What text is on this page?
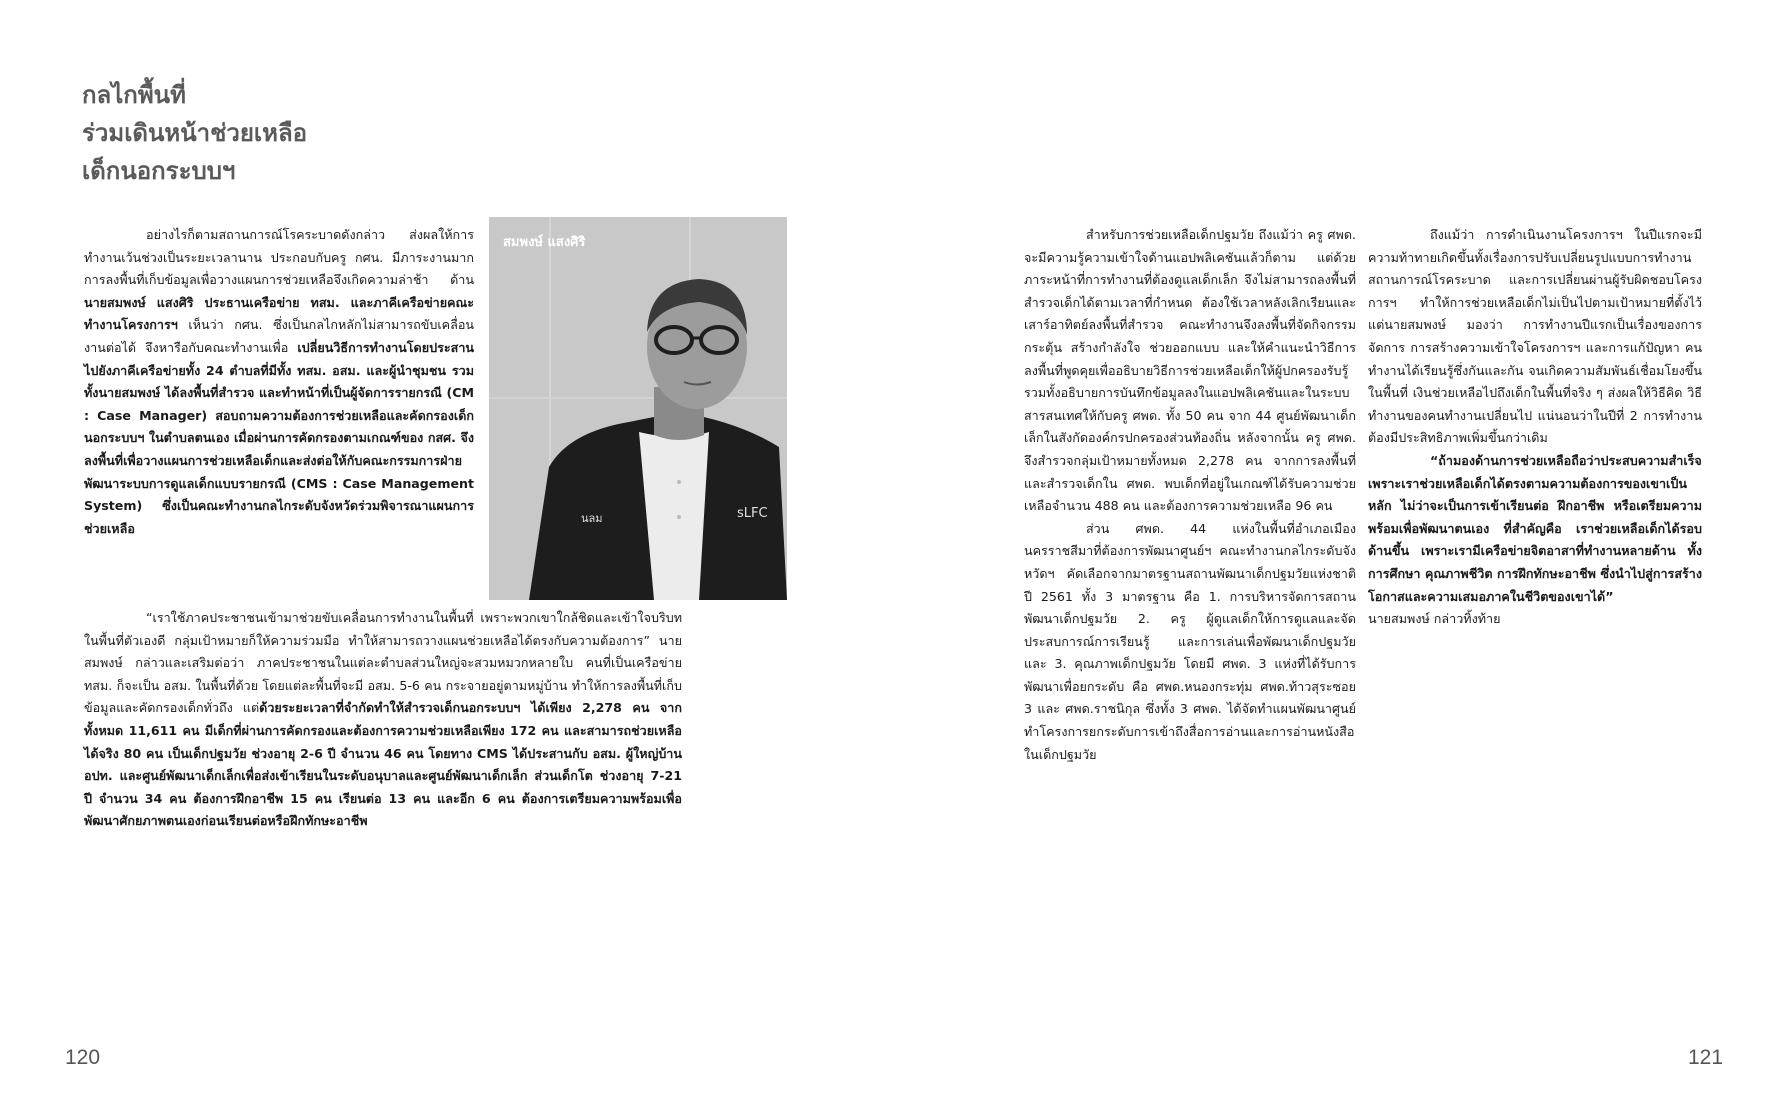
กลไกพื้นที่
ร่วมเดินหน้าช่วยเหลือ
เด็กนอกระบบฯ

อย่างไรก็ตามสถานการณ์โรคระบาดดังกล่าว ส่งผลให้การทำงานเว้นช่วงเป็นระยะเวลานาน ประกอบกับครู กศน. มีภาระงานมาก การลงพื้นที่เก็บข้อมูลเพื่อวางแผนการช่วยเหลือจึงเกิดความล่าช้า ด้าน นายสมพงษ์ แสงศิริ ประธานเครือข่าย ทสม. และภาคีเครือข่ายคณะทำงานโครงการฯ เห็นว่า กศน. ซึ่งเป็นกลไกหลักไม่สามารถขับเคลื่อนงานต่อได้ จึงหารือกับคณะทำงานเพื่อ เปลี่ยนวิธีการทำงานโดยประสานไปยังภาคีเครือข่ายทั้ง 24 ตำบลที่มีทั้ง ทสม. อสม. และผู้นำชุมชน รวมทั้งนายสมพงษ์ ได้ลงพื้นที่สำรวจ และทำหน้าที่เป็นผู้จัดการรายกรณี (CM : Case Manager) สอบถามความต้องการช่วยเหลือและคัดกรองเด็กนอกระบบฯ ในตำบลตนเอง เมื่อผ่านการคัดกรองตามเกณฑ์ของ กสศ. จึงลงพื้นที่เพื่อวางแผนการช่วยเหลือเด็กและส่งต่อให้กับคณะกรรมการฝ่ายพัฒนาระบบการดูแลเด็กแบบรายกรณี (CMS : Case Management System) ซึ่งเป็นคณะทำงานกลไกระดับจังหวัดร่วมพิจารณาแผนการช่วยเหลือ

นลม	sLFC
สมพงษ์ แสงศิริ

“เราใช้ภาคประชาชนเข้ามาช่วยขับเคลื่อนการทำงานในพื้นที่ เพราะพวกเขาใกล้ชิดและเข้าใจบริบทในพื้นที่ตัวเองดี กลุ่มเป้าหมายก็ให้ความร่วมมือ ทำให้สามารถวางแผนช่วยเหลือได้ตรงกับความต้องการ” นายสมพงษ์ กล่าวและเสริมต่อว่า ภาคประชาชนในแต่ละตำบลส่วนใหญ่จะสวมหมวกหลายใบ คนที่เป็นเครือข่าย ทสม. ก็จะเป็น อสม. ในพื้นที่ด้วย โดยแต่ละพื้นที่จะมี อสม. 5-6 คน กระจายอยู่ตามหมู่บ้าน ทำให้การลงพื้นที่เก็บข้อมูลและคัดกรองเด็กทั่วถึง แต่ด้วยระยะเวลาที่จำกัดทำให้สำรวจเด็กนอกระบบฯ ได้เพียง 2,278 คน จากทั้งหมด 11,611 คน มีเด็กที่ผ่านการคัดกรองและต้องการความช่วยเหลือเพียง 172 คน และสามารถช่วยเหลือได้จริง 80 คน เป็นเด็กปฐมวัย ช่วงอายุ 2-6 ปี จำนวน 46 คน โดยทาง CMS ได้ประสานกับ อสม. ผู้ใหญ่บ้าน อปท. และศูนย์พัฒนาเด็กเล็กเพื่อส่งเข้าเรียนในระดับอนุบาลและศูนย์พัฒนาเด็กเล็ก ส่วนเด็กโต ช่วงอายุ 7-21 ปี จำนวน 34 คน ต้องการฝึกอาชีพ 15 คน เรียนต่อ 13 คน และอีก 6 คน ต้องการเตรียมความพร้อมเพื่อพัฒนาศักยภาพตนเองก่อนเรียนต่อหรือฝึกทักษะอาชีพ

120

สำหรับการช่วยเหลือเด็กปฐมวัย ถึงแม้ว่า ครู ศพด. จะมีความรู้ความเข้าใจด้านแอปพลิเคชันแล้วก็ตาม แต่ด้วยภาระหน้าที่การทำงานที่ต้องดูแลเด็กเล็ก จึงไม่สามารถลงพื้นที่สำรวจเด็กได้ตามเวลาที่กำหนด ต้องใช้เวลาหลังเลิกเรียนและเสาร์อาทิตย์ลงพื้นที่สำรวจ คณะทำงานจึงลงพื้นที่จัดกิจกรรมกระตุ้น สร้างกำลังใจ ช่วยออกแบบ และให้คำแนะนำวิธีการลงพื้นที่พูดคุยเพื่ออธิบายวิธีการช่วยเหลือเด็กให้ผู้ปกครองรับรู้ รวมทั้งอธิบายการบันทึกข้อมูลลงในแอปพลิเคชันและในระบบสารสนเทศให้กับครู ศพด. ทั้ง 50 คน จาก 44 ศูนย์พัฒนาเด็กเล็กในสังกัดองค์กรปกครองส่วนท้องถิ่น หลังจากนั้น ครู ศพด. จึงสำรวจกลุ่มเป้าหมายทั้งหมด 2,278 คน จากการลงพื้นที่และสำรวจเด็กใน ศพด. พบเด็กที่อยู่ในเกณฑ์ได้รับความช่วยเหลือจำนวน 488 คน และต้องการความช่วยเหลือ 96 คน

ส่วน ศพด. 44 แห่งในพื้นที่อำเภอเมืองนครราชสีมาที่ต้องการพัฒนาศูนย์ฯ คณะทำงานกลไกระดับจังหวัดฯ คัดเลือกจากมาตรฐานสถานพัฒนาเด็กปฐมวัยแห่งชาติ ปี 2561 ทั้ง 3 มาตรฐาน คือ 1. การบริหารจัดการสถานพัฒนาเด็กปฐมวัย 2. ครู ผู้ดูแลเด็กให้การดูแลและจัดประสบการณ์การเรียนรู้ และการเล่นเพื่อพัฒนาเด็กปฐมวัย และ 3. คุณภาพเด็กปฐมวัย โดยมี ศพด. 3 แห่งที่ได้รับการพัฒนาเพื่อยกระดับ คือ ศพด.หนองกระทุ่ม ศพด.ท้าวสุระซอย 3 และ ศพด.ราชนิกุล ซึ่งทั้ง 3 ศพด. ได้จัดทำแผนพัฒนาศูนย์ ทำโครงการยกระดับการเข้าถึงสื่อการอ่านและการอ่านหนังสือในเด็กปฐมวัย

ถึงแม้ว่า การดำเนินงานโครงการฯ ในปีแรกจะมีความท้าทายเกิดขึ้นทั้งเรื่องการปรับเปลี่ยนรูปแบบการทำงาน สถานการณ์โรคระบาด และการเปลี่ยนผ่านผู้รับผิดชอบโครงการฯ ทำให้การช่วยเหลือเด็กไม่เป็นไปตามเป้าหมายที่ตั้งไว้ แต่นายสมพงษ์ มองว่า การทำงานปีแรกเป็นเรื่องของการจัดการ การสร้างความเข้าใจโครงการฯ และการแก้ปัญหา คนทำงานได้เรียนรู้ซึ่งกันและกัน จนเกิดความสัมพันธ์เชื่อมโยงขึ้นในพื้นที่ เงินช่วยเหลือไปถึงเด็กในพื้นที่จริง ๆ ส่งผลให้วิธีคิด วิธีทำงานของคนทำงานเปลี่ยนไป แน่นอนว่าในปีที่ 2 การทำงานต้องมีประสิทธิภาพเพิ่มขึ้นกว่าเดิม

“ถ้ามองด้านการช่วยเหลือถือว่าประสบความสำเร็จ เพราะเราช่วยเหลือเด็กได้ตรงตามความต้องการของเขาเป็นหลัก ไม่ว่าจะเป็นการเข้าเรียนต่อ ฝึกอาชีพ หรือเตรียมความพร้อมเพื่อพัฒนาตนเอง ที่สำคัญคือ เราช่วยเหลือเด็กได้รอบด้านขึ้น เพราะเรามีเครือข่ายจิตอาสาที่ทำงานหลายด้าน ทั้งการศึกษา คุณภาพชีวิต การฝึกทักษะอาชีพ ซึ่งนำไปสู่การสร้างโอกาสและความเสมอภาคในชีวิตของเขาได้”

นายสมพงษ์ กล่าวทิ้งท้าย

121
